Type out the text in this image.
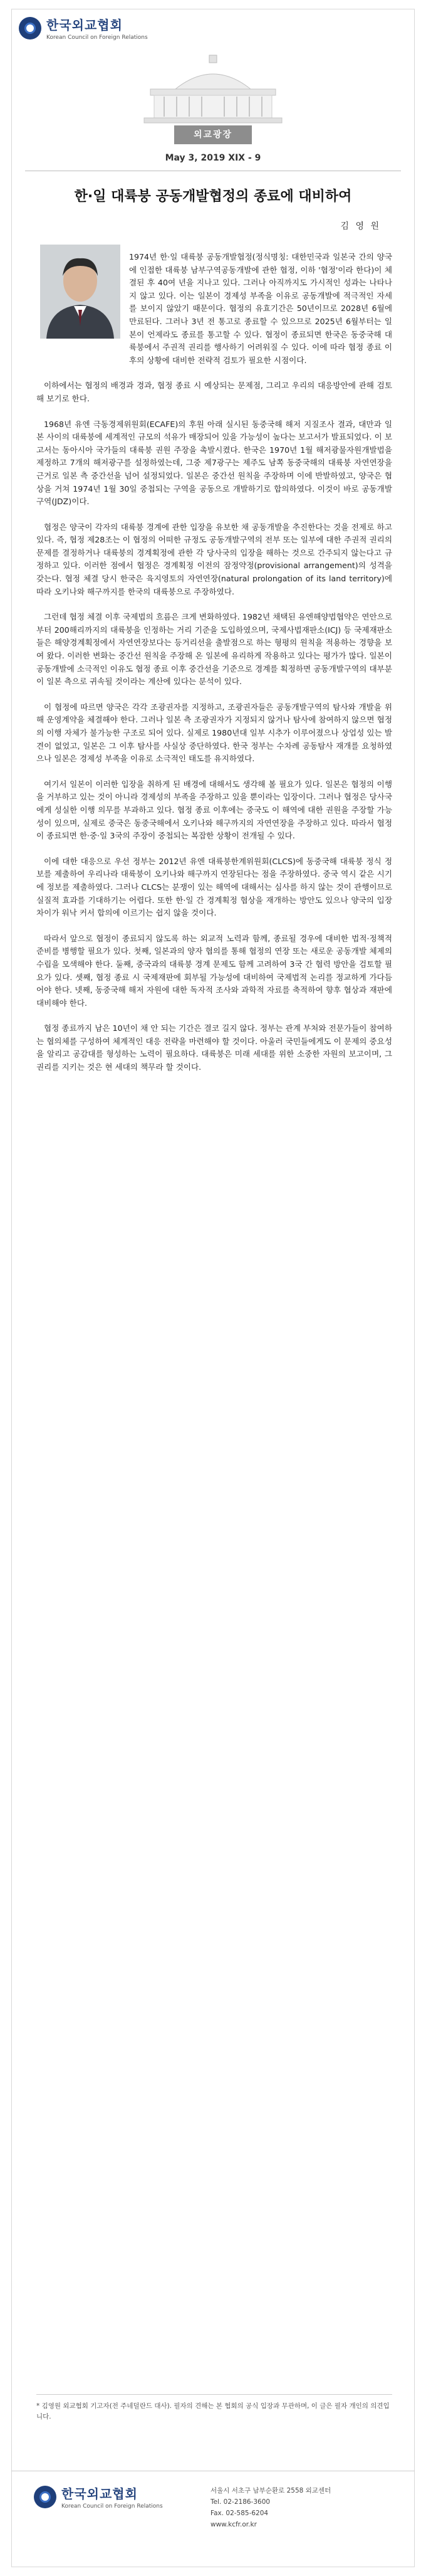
한국외교협회
Korean Council on Foreign Relations
외교광장
May 3, 2019 XIX - 9
한·일 대륙붕 공동개발협정의 종료에 대비하여
김 영 원

1974년 한·일 대륙붕 공동개발협정(정식명칭: 대한민국과 일본국 간의 양국에 인접한 대륙붕 남부구역공동개발에 관한 협정, 이하 '협정'이라 한다)이 체결된 후 40여 년을 지나고 있다. 그러나 아직까지도 가시적인 성과는 나타나지 않고 있다. 이는 일본이 경제성 부족을 이유로 공동개발에 적극적인 자세를 보이지 않았기 때문이다. 협정의 유효기간은 50년이므로 2028년 6월에 만료된다. 그러나 3년 전 통고로 종료할 수 있으므로 2025년 6월부터는 일본이 언제라도 종료를 통고할 수 있다. 협정이 종료되면 한국은 동중국해 대륙붕에서 주권적 권리를 행사하기 어려워질 수 있다. 이에 따라 협정 종료 이후의 상황에 대비한 전략적 검토가 필요한 시점이다.

이하에서는 협정의 배경과 경과, 협정 종료 시 예상되는 문제점, 그리고 우리의 대응방안에 관해 검토해 보기로 한다.

1968년 유엔 극동경제위원회(ECAFE)의 후원 아래 실시된 동중국해 해저 지질조사 결과, 대만과 일본 사이의 대륙붕에 세계적인 규모의 석유가 매장되어 있을 가능성이 높다는 보고서가 발표되었다. 이 보고서는 동아시아 국가들의 대륙붕 권원 주장을 촉발시켰다. 한국은 1970년 1월 해저광물자원개발법을 제정하고 7개의 해저광구를 설정하였는데, 그중 제7광구는 제주도 남쪽 동중국해의 대륙붕 자연연장을 근거로 일본 측 중간선을 넘어 설정되었다. 일본은 중간선 원칙을 주장하며 이에 반발하였고, 양국은 협상을 거쳐 1974년 1월 30일 중첩되는 구역을 공동으로 개발하기로 합의하였다. 이것이 바로 공동개발구역(JDZ)이다.

협정은 양국이 각자의 대륙붕 경계에 관한 입장을 유보한 채 공동개발을 추진한다는 것을 전제로 하고 있다. 즉, 협정 제28조는 이 협정의 어떠한 규정도 공동개발구역의 전부 또는 일부에 대한 주권적 권리의 문제를 결정하거나 대륙붕의 경계획정에 관한 각 당사국의 입장을 해하는 것으로 간주되지 않는다고 규정하고 있다. 이러한 점에서 협정은 경계획정 이전의 잠정약정(provisional arrangement)의 성격을 갖는다. 협정 체결 당시 한국은 육지영토의 자연연장(natural prolongation of its land territory)에 따라 오키나와 해구까지를 한국의 대륙붕으로 주장하였다.

그런데 협정 체결 이후 국제법의 흐름은 크게 변화하였다. 1982년 채택된 유엔해양법협약은 연안으로부터 200해리까지의 대륙붕을 인정하는 거리 기준을 도입하였으며, 국제사법재판소(ICJ) 등 국제재판소들은 해양경계획정에서 자연연장보다는 등거리선을 출발점으로 하는 형평의 원칙을 적용하는 경향을 보여 왔다. 이러한 변화는 중간선 원칙을 주장해 온 일본에 유리하게 작용하고 있다는 평가가 많다. 일본이 공동개발에 소극적인 이유도 협정 종료 이후 중간선을 기준으로 경계를 획정하면 공동개발구역의 대부분이 일본 측으로 귀속될 것이라는 계산에 있다는 분석이 있다.

이 협정에 따르면 양국은 각각 조광권자를 지정하고, 조광권자들은 공동개발구역의 탐사와 개발을 위해 운영계약을 체결해야 한다. 그러나 일본 측 조광권자가 지정되지 않거나 탐사에 참여하지 않으면 협정의 이행 자체가 불가능한 구조로 되어 있다. 실제로 1980년대 일부 시추가 이루어졌으나 상업성 있는 발견이 없었고, 일본은 그 이후 탐사를 사실상 중단하였다. 한국 정부는 수차례 공동탐사 재개를 요청하였으나 일본은 경제성 부족을 이유로 소극적인 태도를 유지하였다.

여기서 일본이 이러한 입장을 취하게 된 배경에 대해서도 생각해 볼 필요가 있다. 일본은 협정의 이행을 거부하고 있는 것이 아니라 경제성의 부족을 주장하고 있을 뿐이라는 입장이다. 그러나 협정은 당사국에게 성실한 이행 의무를 부과하고 있다. 협정 종료 이후에는 중국도 이 해역에 대한 권원을 주장할 가능성이 있으며, 실제로 중국은 동중국해에서 오키나와 해구까지의 자연연장을 주장하고 있다. 따라서 협정이 종료되면 한·중·일 3국의 주장이 중첩되는 복잡한 상황이 전개될 수 있다.

이에 대한 대응으로 우선 정부는 2012년 유엔 대륙붕한계위원회(CLCS)에 동중국해 대륙붕 정식 정보를 제출하여 우리나라 대륙붕이 오키나와 해구까지 연장된다는 점을 주장하였다. 중국 역시 같은 시기에 정보를 제출하였다. 그러나 CLCS는 분쟁이 있는 해역에 대해서는 심사를 하지 않는 것이 관행이므로 실질적 효과를 기대하기는 어렵다. 또한 한·일 간 경계획정 협상을 재개하는 방안도 있으나 양국의 입장 차이가 워낙 커서 합의에 이르기는 쉽지 않을 것이다.

따라서 앞으로 협정이 종료되지 않도록 하는 외교적 노력과 함께, 종료될 경우에 대비한 법적·정책적 준비를 병행할 필요가 있다. 첫째, 일본과의 양자 협의를 통해 협정의 연장 또는 새로운 공동개발 체제의 수립을 모색해야 한다. 둘째, 중국과의 대륙붕 경계 문제도 함께 고려하여 3국 간 협력 방안을 검토할 필요가 있다. 셋째, 협정 종료 시 국제재판에 회부될 가능성에 대비하여 국제법적 논리를 정교하게 가다듬어야 한다. 넷째, 동중국해 해저 자원에 대한 독자적 조사와 과학적 자료를 축적하여 향후 협상과 재판에 대비해야 한다.

협정 종료까지 남은 10년이 채 안 되는 기간은 결코 길지 않다. 정부는 관계 부처와 전문가들이 참여하는 협의체를 구성하여 체계적인 대응 전략을 마련해야 할 것이다. 아울러 국민들에게도 이 문제의 중요성을 알리고 공감대를 형성하는 노력이 필요하다. 대륙붕은 미래 세대를 위한 소중한 자원의 보고이며, 그 권리를 지키는 것은 현 세대의 책무라 할 것이다.

* 김영원 외교협회 기고자(전 주네덜란드 대사). 필자의 견해는 본 협회의 공식 입장과 무관하며, 이 글은 필자 개인의 의견입니다.
한국외교협회
Korean Council on Foreign Relations
서울시 서초구 남부순환로 2558 외교센터
Tel. 02-2186-3600
Fax. 02-585-6204
www.kcfr.or.kr
